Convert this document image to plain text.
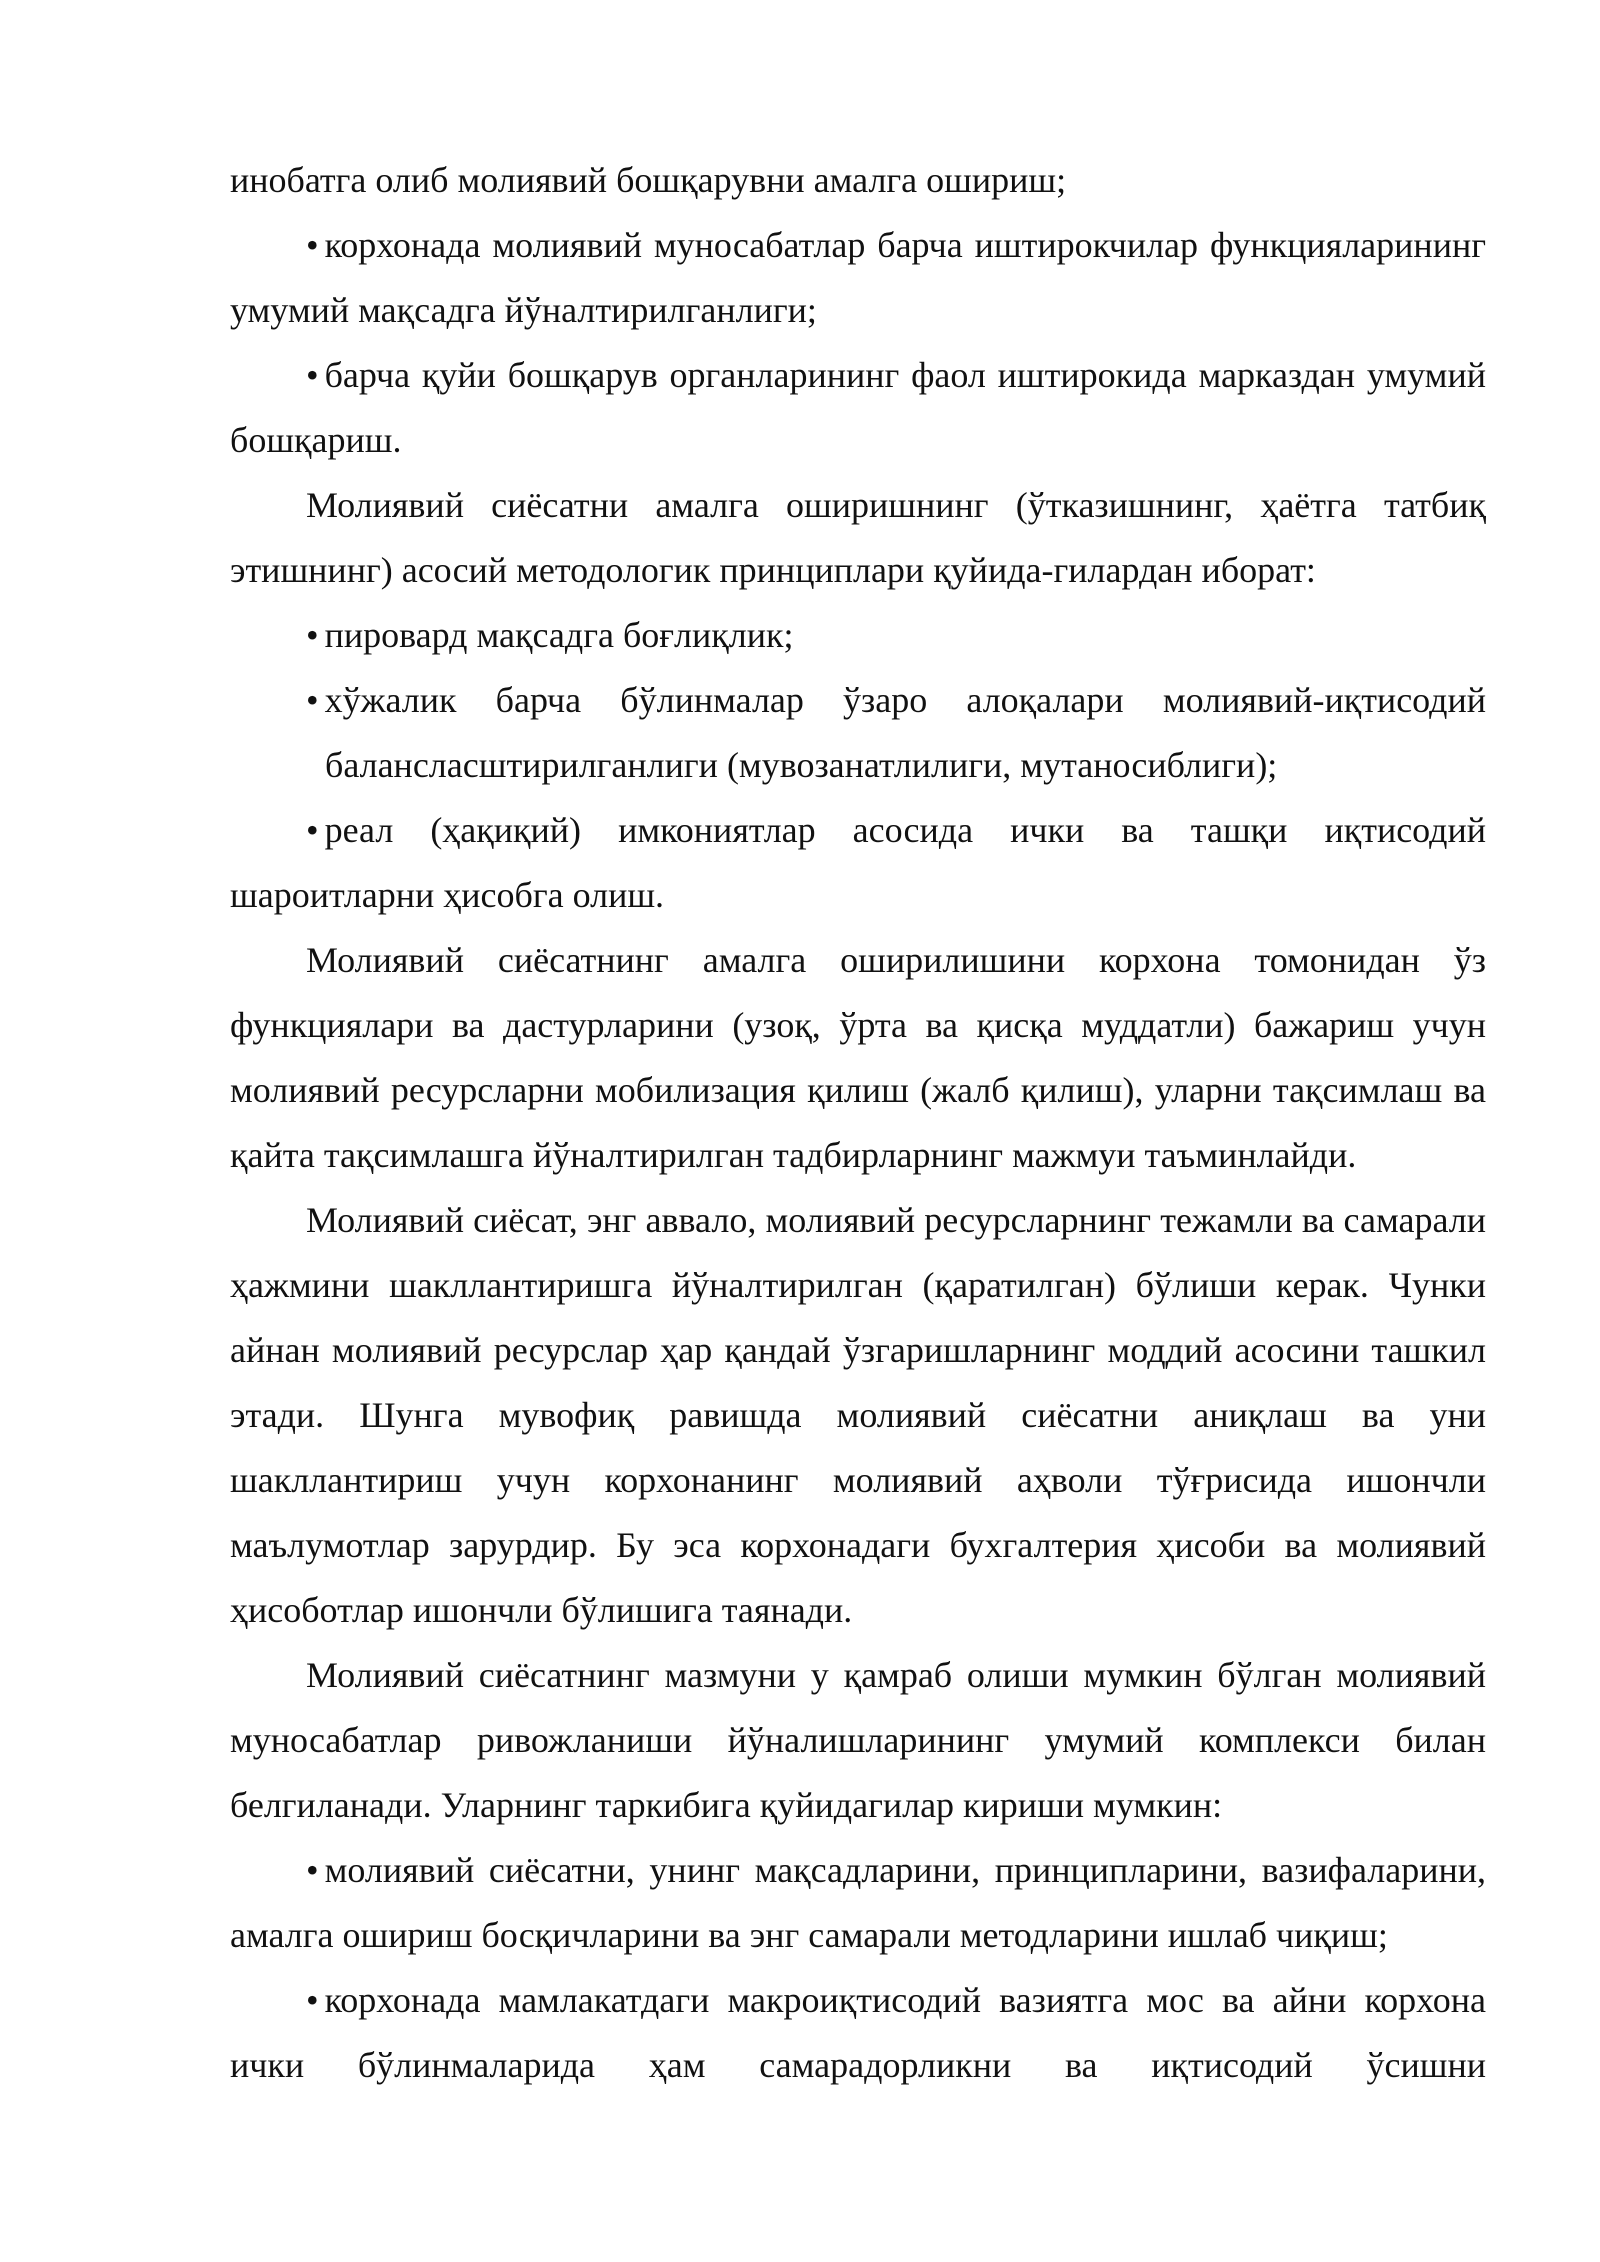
инобатга олиб молиявий бошқарувни амалга ошириш;

• корхонада молиявий муносабатлар барча иштирокчилар функцияларининг умумий мақсадга йўналтирилганлиги;

• барча қуйи бошқарув органларининг фаол иштирокида марказдан умумий бошқариш.

Молиявий сиёсатни амалга оширишнинг (ўтказишнинг, ҳаётга татбиқ этишнинг) асосий методологик принциплари қуйида-гилардан иборат:

• пировард мақсадга боғлиқлик;

• хўжалик барча бўлинмалар ўзаро алоқалари молиявий-иқтисодий

балансласштирилганлиги (мувозанатлилиги, мутаносиблиги);

• реал (ҳақиқий) имкониятлар асосида ички ва ташқи иқтисодий шароитларни ҳисобга олиш.

Молиявий сиёсатнинг амалга оширилишини корхона томонидан ўз функциялари ва дастурларини (узоқ, ўрта ва қисқа муддатли) бажариш учун молиявий ресурсларни мобилизация қилиш (жалб қилиш), уларни тақсимлаш ва қайта тақсимлашга йўналтирилган тадбирларнинг мажмуи таъминлайди.

Молиявий сиёсат, энг аввало, молиявий ресурсларнинг тежамли ва самарали ҳажмини шакллантиришга йўналтирилган (қаратилган) бўлиши керак. Чунки айнан молиявий ресурслар ҳар қандай ўзгаришларнинг моддий асосини ташкил этади. Шунга мувофиқ равишда молиявий сиёсатни аниқлаш ва уни шакллантириш учун корхонанинг молиявий аҳволи тўғрисида ишончли маълумотлар зарурдир. Бу эса корхонадаги бухгалтерия ҳисоби ва молиявий ҳисоботлар ишончли бўлишига таянади.

Молиявий сиёсатнинг мазмуни у қамраб олиши мумкин бўлган молиявий муносабатлар ривожланиши йўналишларининг умумий комплекси билан белгиланади. Уларнинг таркибига қуйидагилар кириши мумкин:

• молиявий сиёсатни, унинг мақсадларини, принципларини, вазифаларини, амалга ошириш босқичларини ва энг самарали методларини ишлаб чиқиш;

• корхонада мамлакатдаги макроиқтисодий вазиятга мос ва айни корхона ички бўлинмаларида ҳам самарадорликни ва иқтисодий ўсишни
